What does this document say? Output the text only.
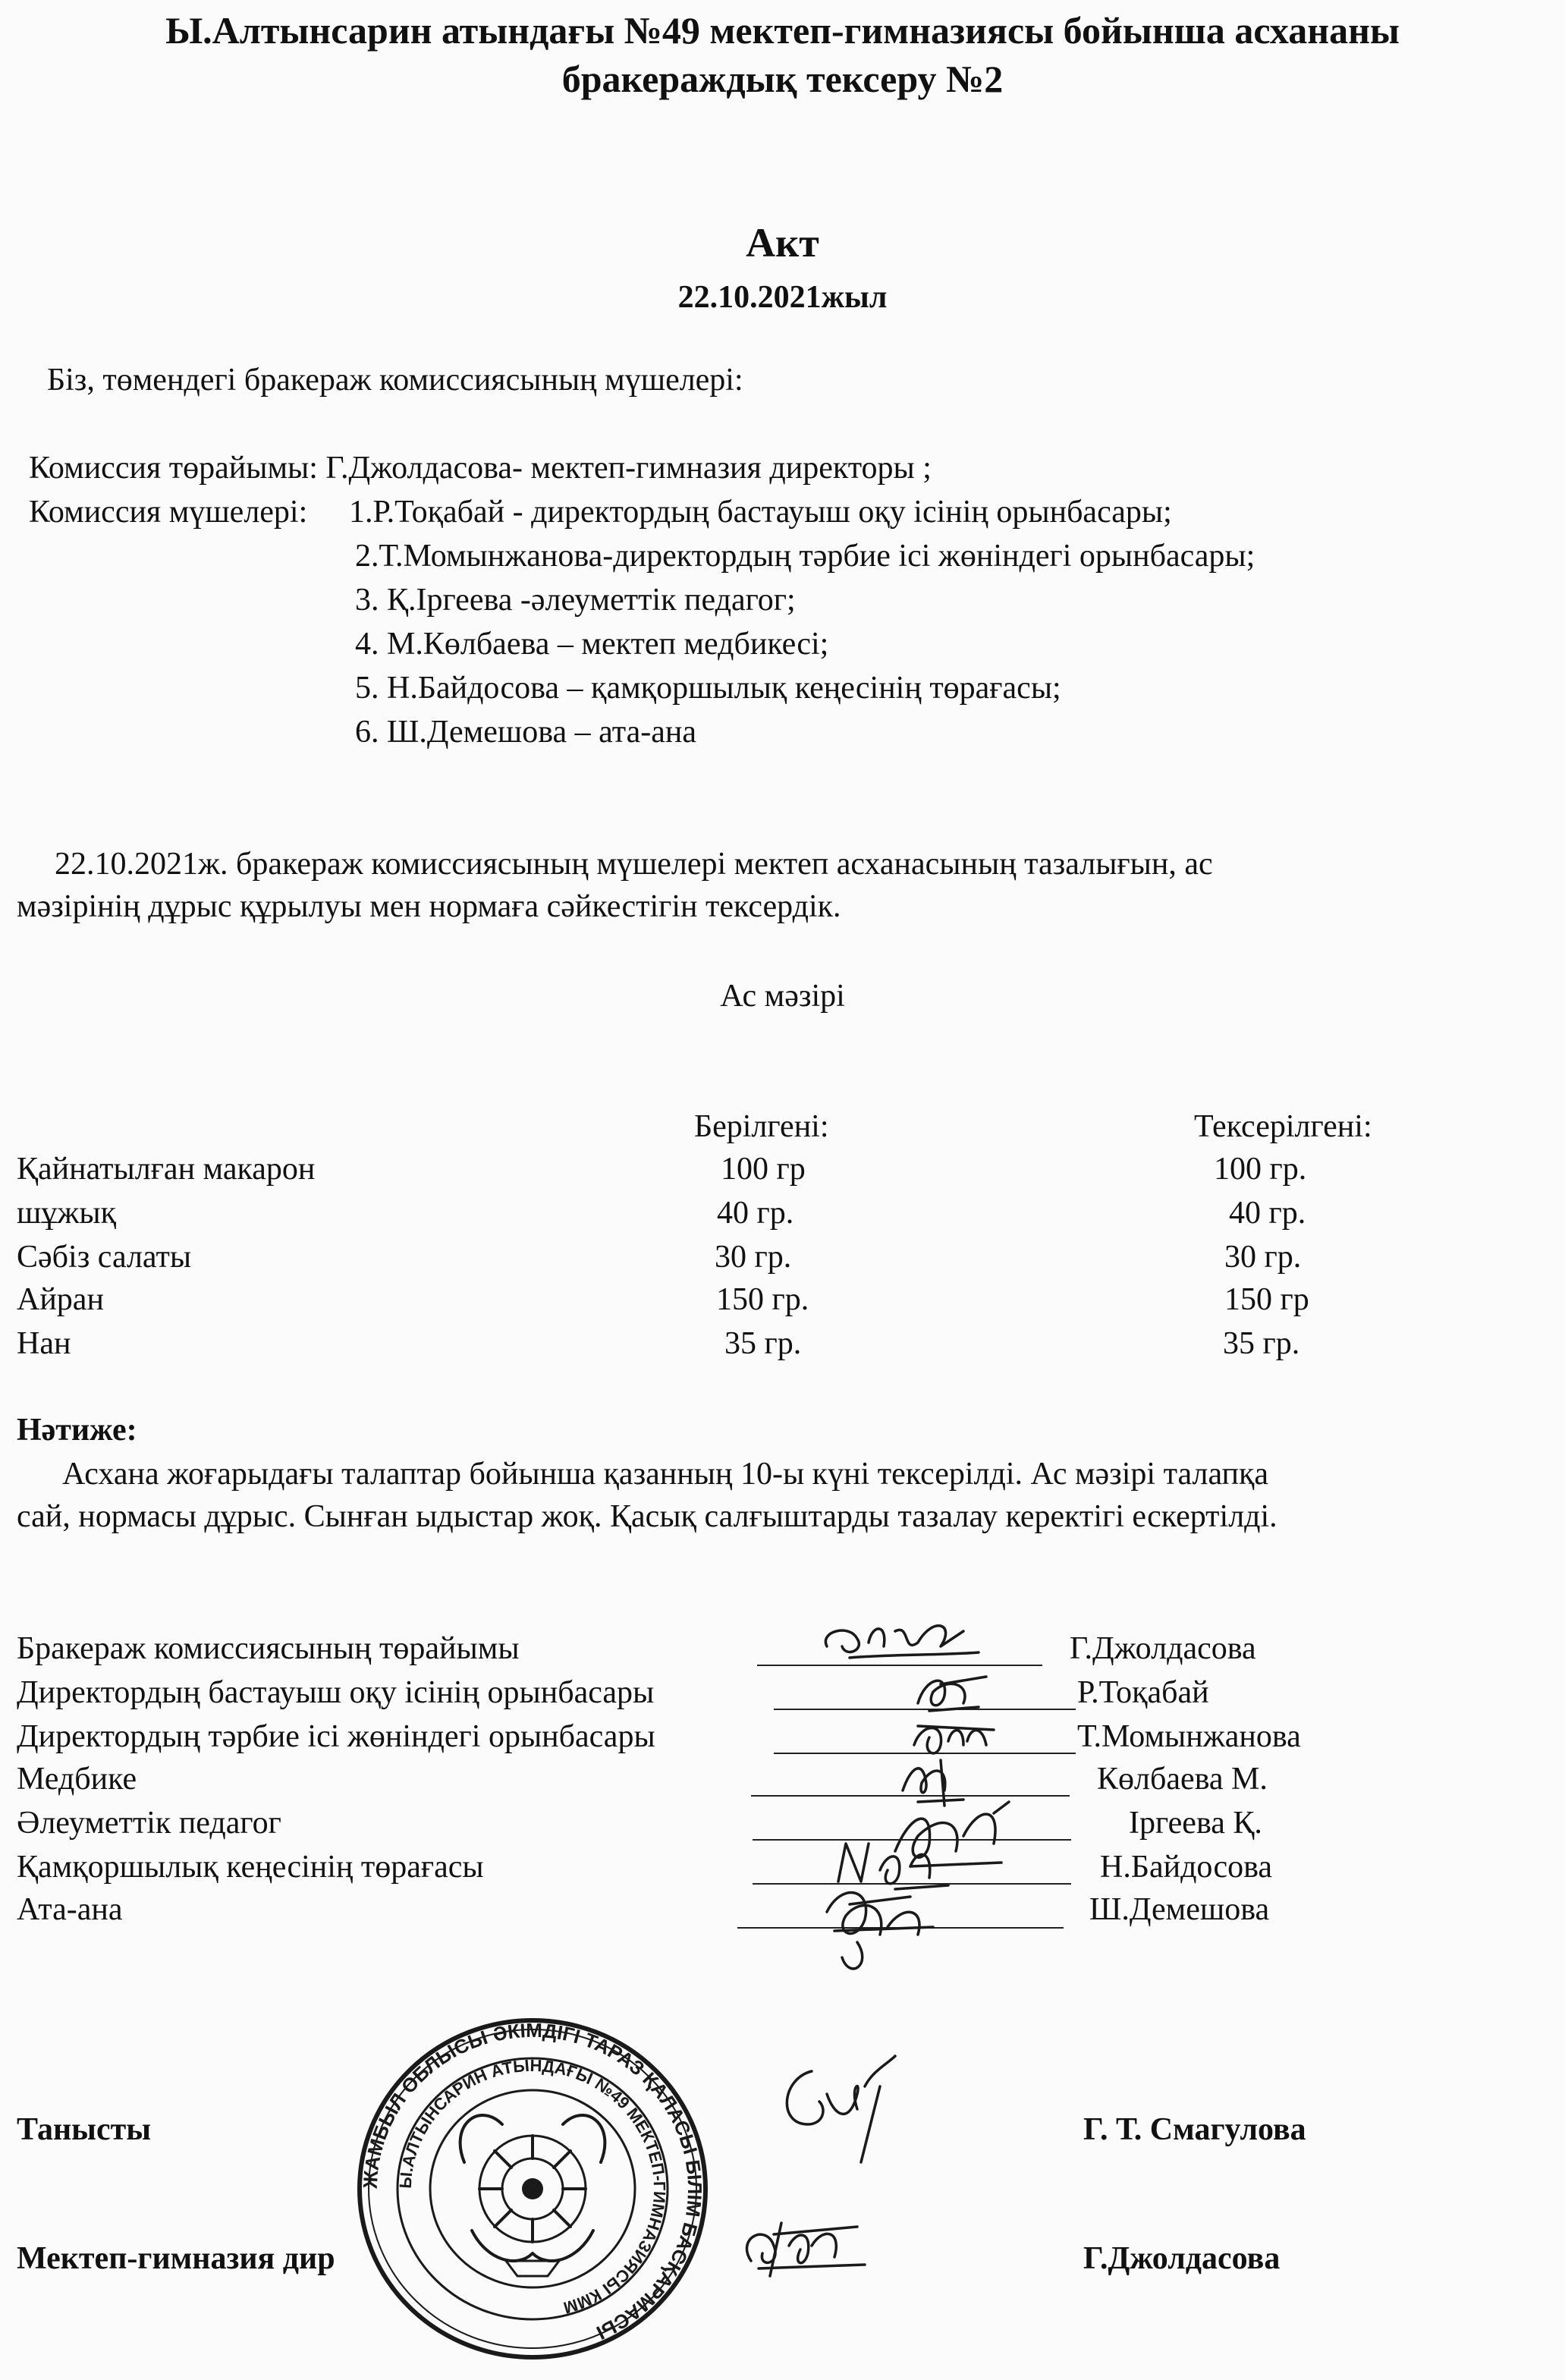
Ы.Алтынсарин атындағы №49 мектеп-гимназиясы бойынша асхананы
бракераждық тексеру №2
Акт
22.10.2021жыл
Біз, төмендегі бракераж комиссиясының мүшелері:
Комиссия төрайымы: Г.Джолдасова- мектеп-гимназия директоры ;
Комиссия мүшелері: 1.Р.Тоқабай - директордың бастауыш оқу ісінің орынбасары;
2.Т.Момынжанова-директордың тәрбие ісі жөніндегі орынбасары;
3. Қ.Іргеева -әлеуметтік педагог;
4. М.Көлбаева – мектеп медбикесі;
5. Н.Байдосова – қамқоршылық кеңесінің төрағасы;
6. Ш.Демешова – ата-ана
22.10.2021ж. бракераж комиссиясының мүшелері мектеп асханасының тазалығын, ас
мәзірінің дұрыс құрылуы мен нормаға сәйкестігін тексердік.
Ас мәзірі
Берілгені:	Тексерілгені:
Қайнатылған макарон	100 гр	100 гр.
шұжық	40 гр.	40 гр.
Сәбіз салаты	30 гр.	30 гр.
Айран	150 гр.	150 гр
Нан	35 гр.	35 гр.
Нәтиже:
Асхана жоғарыдағы талаптар бойынша қазанның 10-ы күні тексерілді. Ас мәзірі талапқа
сай, нормасы дұрыс. Сынған ыдыстар жоқ. Қасық салғыштарды тазалау керектігі ескертілді.
Бракераж комиссиясының төрайымы	Г.Джолдасова
Директордың бастауыш оқу ісінің орынбасары	Р.Тоқабай
Директордың тәрбие ісі жөніндегі орынбасары	Т.Момынжанова
Медбике	Көлбаева М.
Әлеуметтік педагог	Іргеева Қ.
Қамқоршылық кеңесінің төрағасы	Н.Байдосова
Ата-ана	Ш.Демешова
Танысты	Г. Т. Смагулова
Мектеп-гимназия дир	Г.Джолдасова
ЖАМБЫЛ ОБЛЫСЫ ӘКІМДІГІ ТАРАЗ ҚАЛАСЫ БІЛІМ БАСҚАРМАСЫ
Ы.АЛТЫНСАРИН АТЫНДАҒЫ №49 МЕКТЕП-ГИМНАЗИЯСЫ КММ
